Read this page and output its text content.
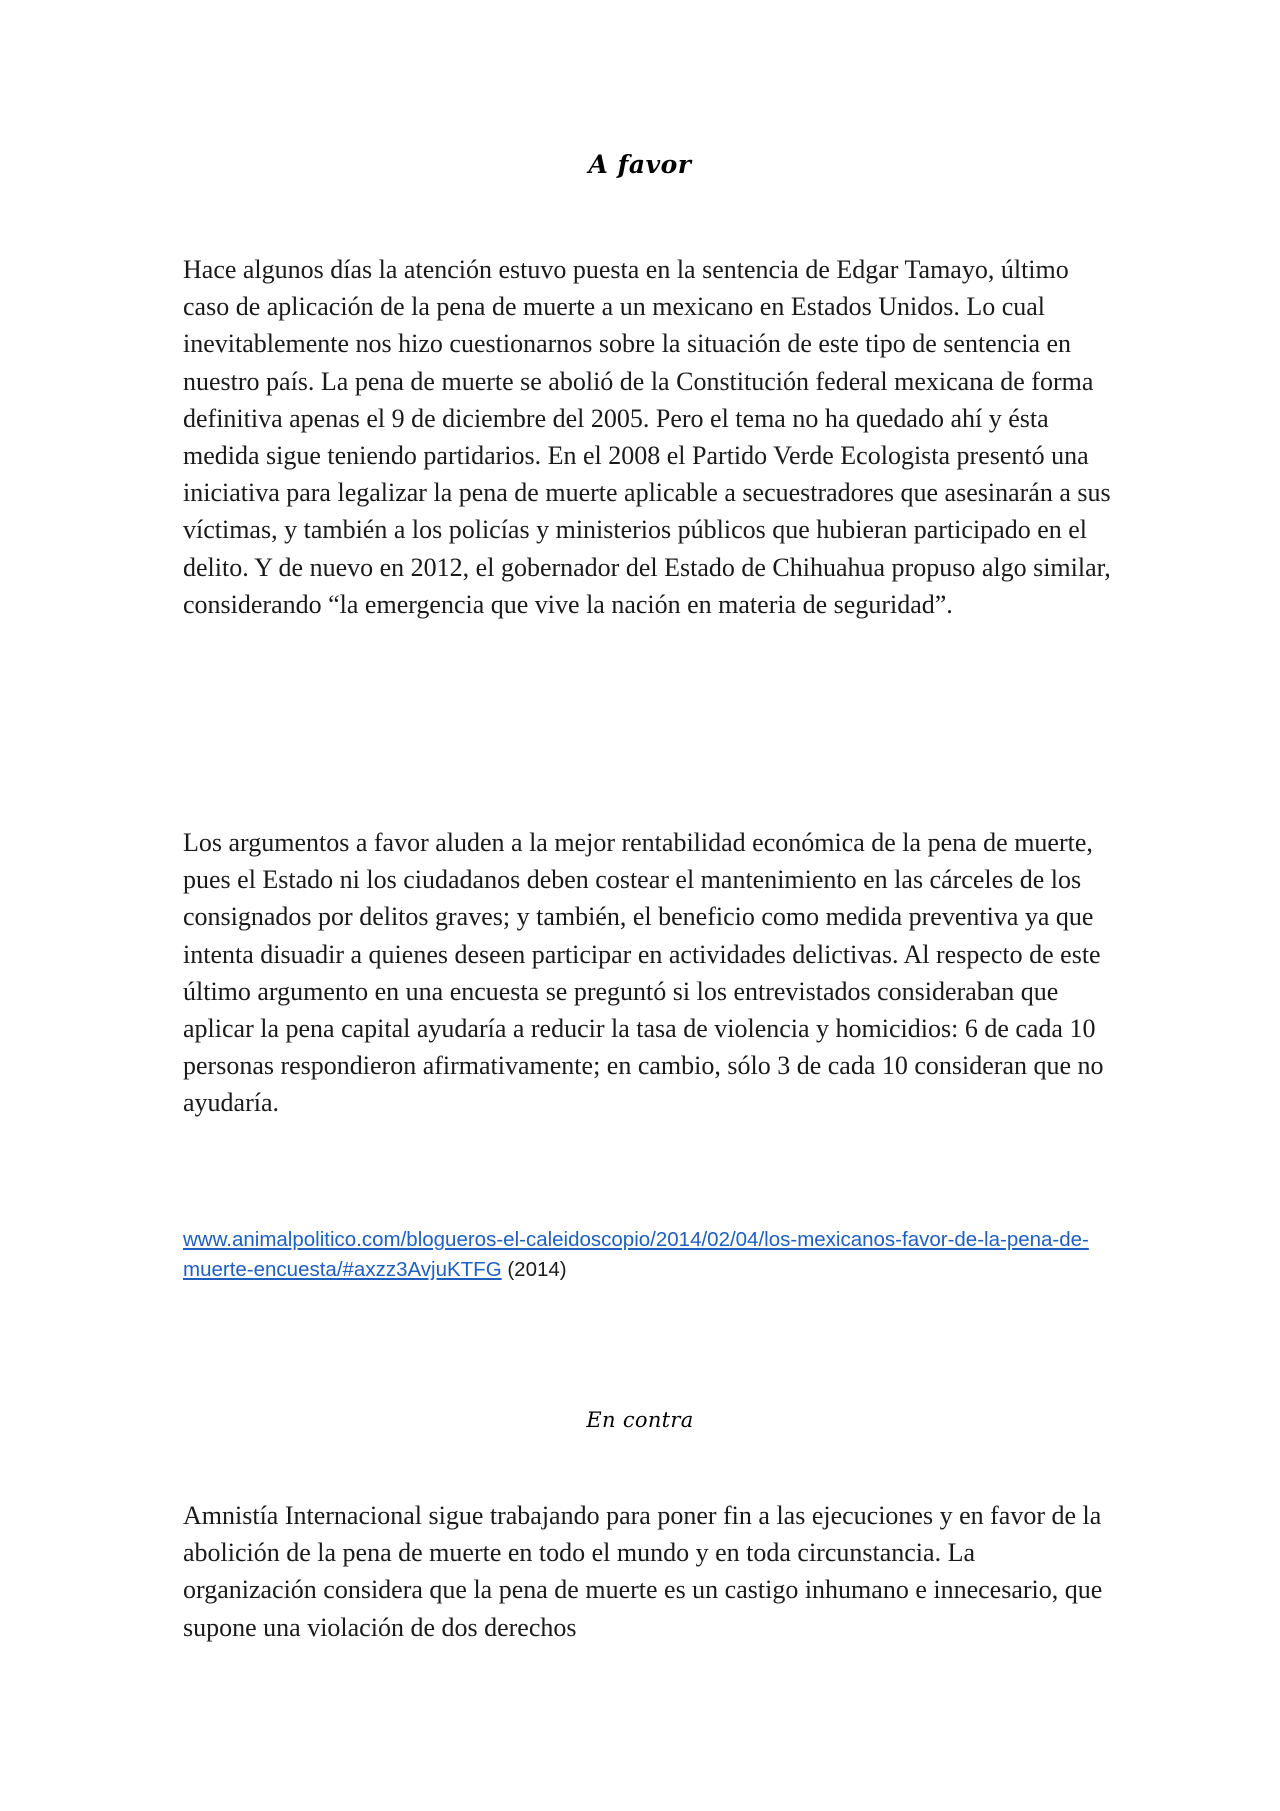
A favor

Hace algunos días la atención estuvo puesta en la sentencia de Edgar Tamayo, último caso de aplicación de la pena de muerte a un mexicano en Estados Unidos. Lo cual inevitablemente nos hizo cuestionarnos sobre la situación de este tipo de sentencia en nuestro país. La pena de muerte se abolió de la Constitución federal mexicana de forma definitiva apenas el 9 de diciembre del 2005. Pero el tema no ha quedado ahí y ésta medida sigue teniendo partidarios. En el 2008 el Partido Verde Ecologista presentó una iniciativa para legalizar la pena de muerte aplicable a secuestradores que asesinarán a sus víctimas, y también a los policías y ministerios públicos que hubieran participado en el delito. Y de nuevo en 2012, el gobernador del Estado de Chihuahua propuso algo similar, considerando “la emergencia que vive la nación en materia de seguridad”.

Los argumentos a favor aluden a la mejor rentabilidad económica de la pena de muerte, pues el Estado ni los ciudadanos deben costear el mantenimiento en las cárceles de los consignados por delitos graves; y también, el beneficio como medida preventiva ya que intenta disuadir a quienes deseen participar en actividades delictivas. Al respecto de este último argumento en una encuesta se preguntó si los entrevistados consideraban que aplicar la pena capital ayudaría a reducir la tasa de violencia y homicidios: 6 de cada 10 personas respondieron afirmativamente; en cambio, sólo 3 de cada 10 consideran que no ayudaría.

www.animalpolitico.com/blogueros-el-caleidoscopio/2014/02/04/los-mexicanos-favor-de-la-pena-de-muerte-encuesta/#axzz3AvjuKTFG (2014)
En contra

Amnistía Internacional sigue trabajando para poner fin a las ejecuciones y en favor de la abolición de la pena de muerte en todo el mundo y en toda circunstancia. La organización considera que la pena de muerte es un castigo inhumano e innecesario, que supone una violación de dos derechos
